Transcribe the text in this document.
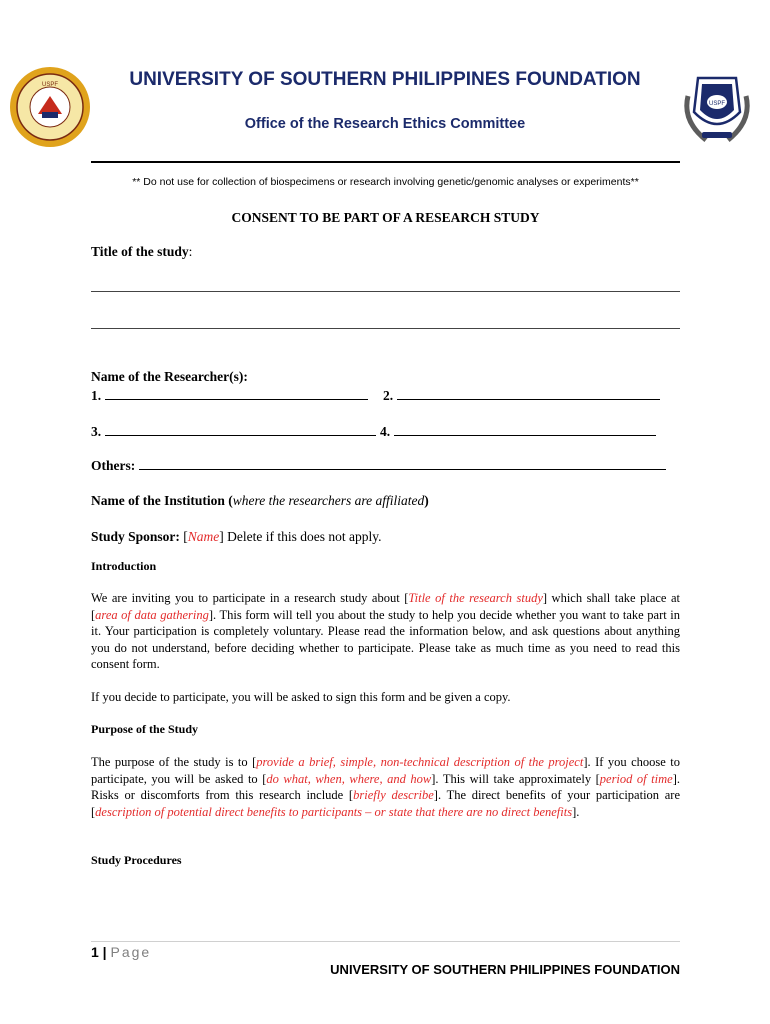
USPF
USPF
UNIVERSITY OF SOUTHERN PHILIPPINES FOUNDATION
Office of the Research Ethics Committee
** Do not use for collection of biospecimens or research involving genetic/genomic analyses or experiments**
CONSENT TO BE PART OF A RESEARCH STUDY
Title of the study:
Name of the Researcher(s):
1.	2.
3.	4.
Others:
Name of the Institution (where the researchers are affiliated)
Study Sponsor: [Name] Delete if this does not apply.
Introduction
We are inviting you to participate in a research study about [Title of the research study] which shall take place at [area of data gathering]. This form will tell you about the study to help you decide whether you want to take part in it. Your participation is completely voluntary. Please read the information below, and ask questions about anything you do not understand, before deciding whether to participate. Please take as much time as you need to read this consent form.
If you decide to participate, you will be asked to sign this form and be given a copy.
Purpose of the Study
The purpose of the study is to [provide a brief, simple, non-technical description of the project]. If you choose to participate, you will be asked to [do what, when, where, and how]. This will take approximately [period of time]. Risks or discomforts from this research include [briefly describe]. The direct benefits of your participation are [description of potential direct benefits to participants – or state that there are no direct benefits].
Study Procedures
1 | Page
UNIVERSITY OF SOUTHERN PHILIPPINES FOUNDATION
